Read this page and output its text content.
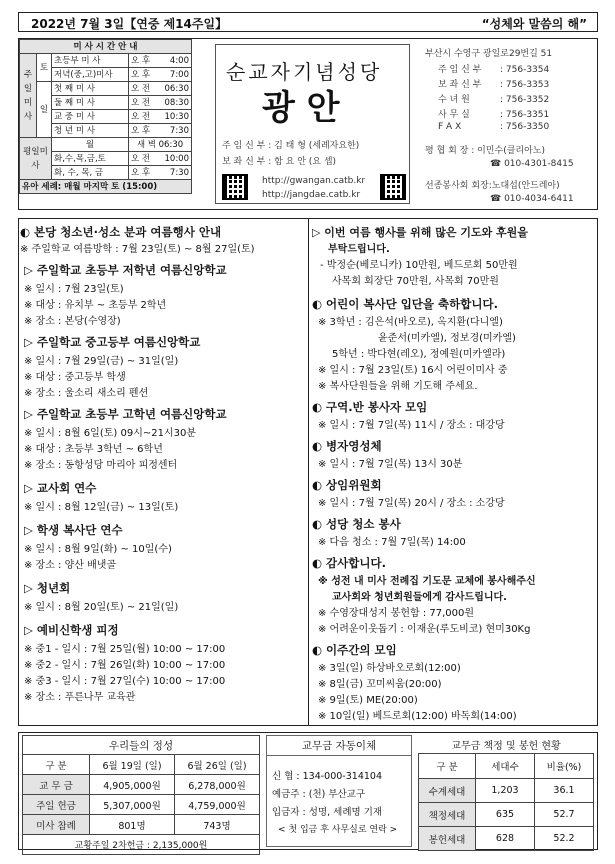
2022년 7월 3일【연중 제14주일】	“성체와 말씀의 해”
미 사 시 간 안 내			
주일미사	토	초등부 미 사	오 후 4:00

		저녁(중,고)미사	오 후 7:00

	일	첫 째 미 사	오 전 06:30

		둘 째 미 사	오 전 08:30

		교 중 미 사	오 전 10:30

		청 년 미 사	오 후 7:30

평일미사		월	새 벽 06:30
		화,수,목,금,토	오 전 10:00

		화, 수, 목, 금	오 후 7:30

유아 세례: 매월 마지막 토 (15:00)			
순교자기념성당
광 안
주 임 신 부 : 김 태 형 (세례자요한)
보 좌 신 부 : 함 요 안 (요 셉)
http://gwangan.catb.kr
http://jangdae.catb.kr
부산시 수영구 광일로29번길 51
주 임 신 부 : 756-3354
보 좌 신 부 : 756-3353
수 녀 원	: 756-3352
사 무 실	: 756-3351
F A X	: 756-3350
평 협 회 장 : 이민수(클리아노)
☎ 010-4301-8415
선종봉사회 회장:노대섭(안드레아)
☎ 010-4034-6411
◐ 본당 청소년·성소 분과 여름행사 안내
※ 주일학교 여름방학 : 7월 23일(토) ~ 8월 27일(토)
▷ 주일학교 초등부 저학년 여름신앙학교
※ 일시 : 7월 23일(토)
※ 대상 : 유치부 ~ 초등부 2학년
※ 장소 : 본당(수영장)
▷ 주일학교 중고등부 여름신앙학교
※ 일시 : 7월 29일(금) ~ 31일(일)
※ 대상 : 중고등부 학생
※ 장소 : 울소리 새소리 펜션
▷ 주일학교 초등부 고학년 여름신앙학교
※ 일시 : 8월 6일(토) 09시~21시30분
※ 대상 : 초등부 3학년 ~ 6학년
※ 장소 : 동항성당 마리아 피정센터
▷ 교사회 연수
※ 일시 : 8월 12일(금) ~ 13일(토)
▷ 학생 복사단 연수
※ 일시 : 8월 9일(화) ~ 10일(수)
※ 장소 : 양산 배냇골
▷ 청년회
※ 일시 : 8월 20일(토) ~ 21일(일)
▷ 예비신학생 피정
※ 중1 - 일시 : 7월 25일(월) 10:00 ~ 17:00
※ 중2 - 일시 : 7월 26일(화) 10:00 ~ 17:00
※ 중3 - 일시 : 7월 27일(수) 10:00 ~ 17:00
※ 장소 : 푸른나무 교육관
▷ 이번 여름 행사를 위해 많은 기도와 후원을
부탁드립니다.
- 박정순(베로니카) 10만원, 베드로회 50만원
사목회 회장단 70만원, 사목회 70만원
◐ 어린이 복사단 입단을 축하합니다.
※ 3학년 : 김은석(바오로), 옥지환(다니엘)
윤준서(미카엘), 정보경(미카엘)
5학년 : 박다현(레오), 정예원(미카엘라)
※ 일시 : 7월 23일(토) 16시 어린이미사 중
※ 복사단원들을 위해 기도해 주세요.
◐ 구역.반 봉사자 모임
※ 일시 : 7월 7일(목) 11시 / 장소 : 대강당
◐ 병자영성체
※ 일시 : 7월 7일(목) 13시 30분
◐ 상임위원회
※ 일시 : 7월 7일(목) 20시 / 장소 : 소강당
◐ 성당 청소 봉사
※ 다음 청소 : 7월 7일(목) 14:00
◐ 감사합니다.
※ 성전 내 미사 전례집 기도문 교체에 봉사해주신
교사회와 청년회원들에게 감사드립니다.
※ 수영장대성지 봉헌함 : 77,000원
※ 어려운이웃돕기 : 이재운(루도비코) 현미30Kg
◐ 이주간의 모임
※ 3일(일) 하상바오로회(12:00)
※ 8일(금) 꼬미씨움(20:00)
※ 9일(토) ME(20:00)
※ 10일(일) 베드로회(12:00) 바독회(14:00)
우리들의 정성		
구 분	6월 19일 (일)	6월 26일 (일)
교 무 금	4,905,000원	6,278,000원
주일 헌금	5,307,000원	4,759,000원
미사 참례	801명	743명
교황주일 2차헌금 : 2,135,000원		
교무금 자동이체
신 협 : 134-000-314104
예금주 : (천) 부산교구
입금자 : 성명, 세례명 기재
< 첫 입금 후 사무실로 연락 >
교무금 책정 및 봉헌 현황		
구 분	세대수	비율(%)
수계세대	1,203	36.1
책정세대	635	52.7
봉헌세대	628	52.2
